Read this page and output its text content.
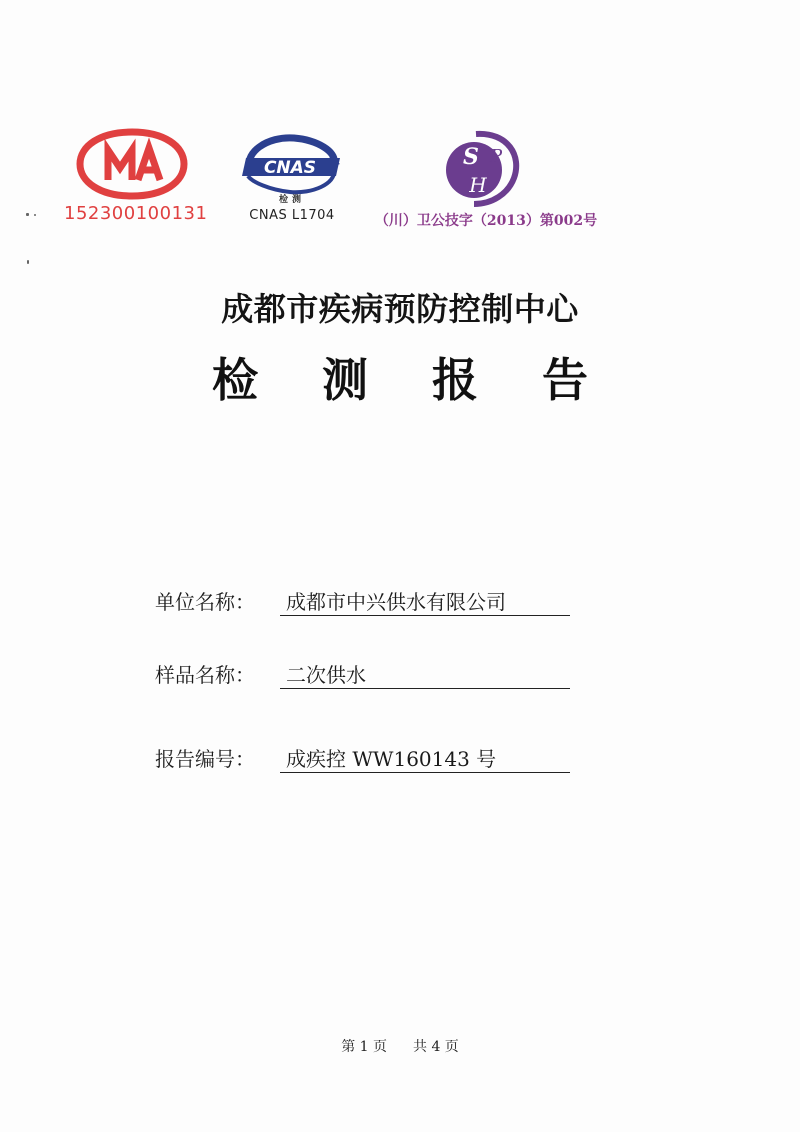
152300100131
CNAS
检测
CNAS L1704
S P
H
（川）卫公技字（2013）第002号
成都市疾病预防控制中心
检 测 报 告
单位名称：	成都市中兴供水有限公司
样品名称：	二次供水
报告编号：	成疾控 WW160143 号
第 1 页 共 4 页
